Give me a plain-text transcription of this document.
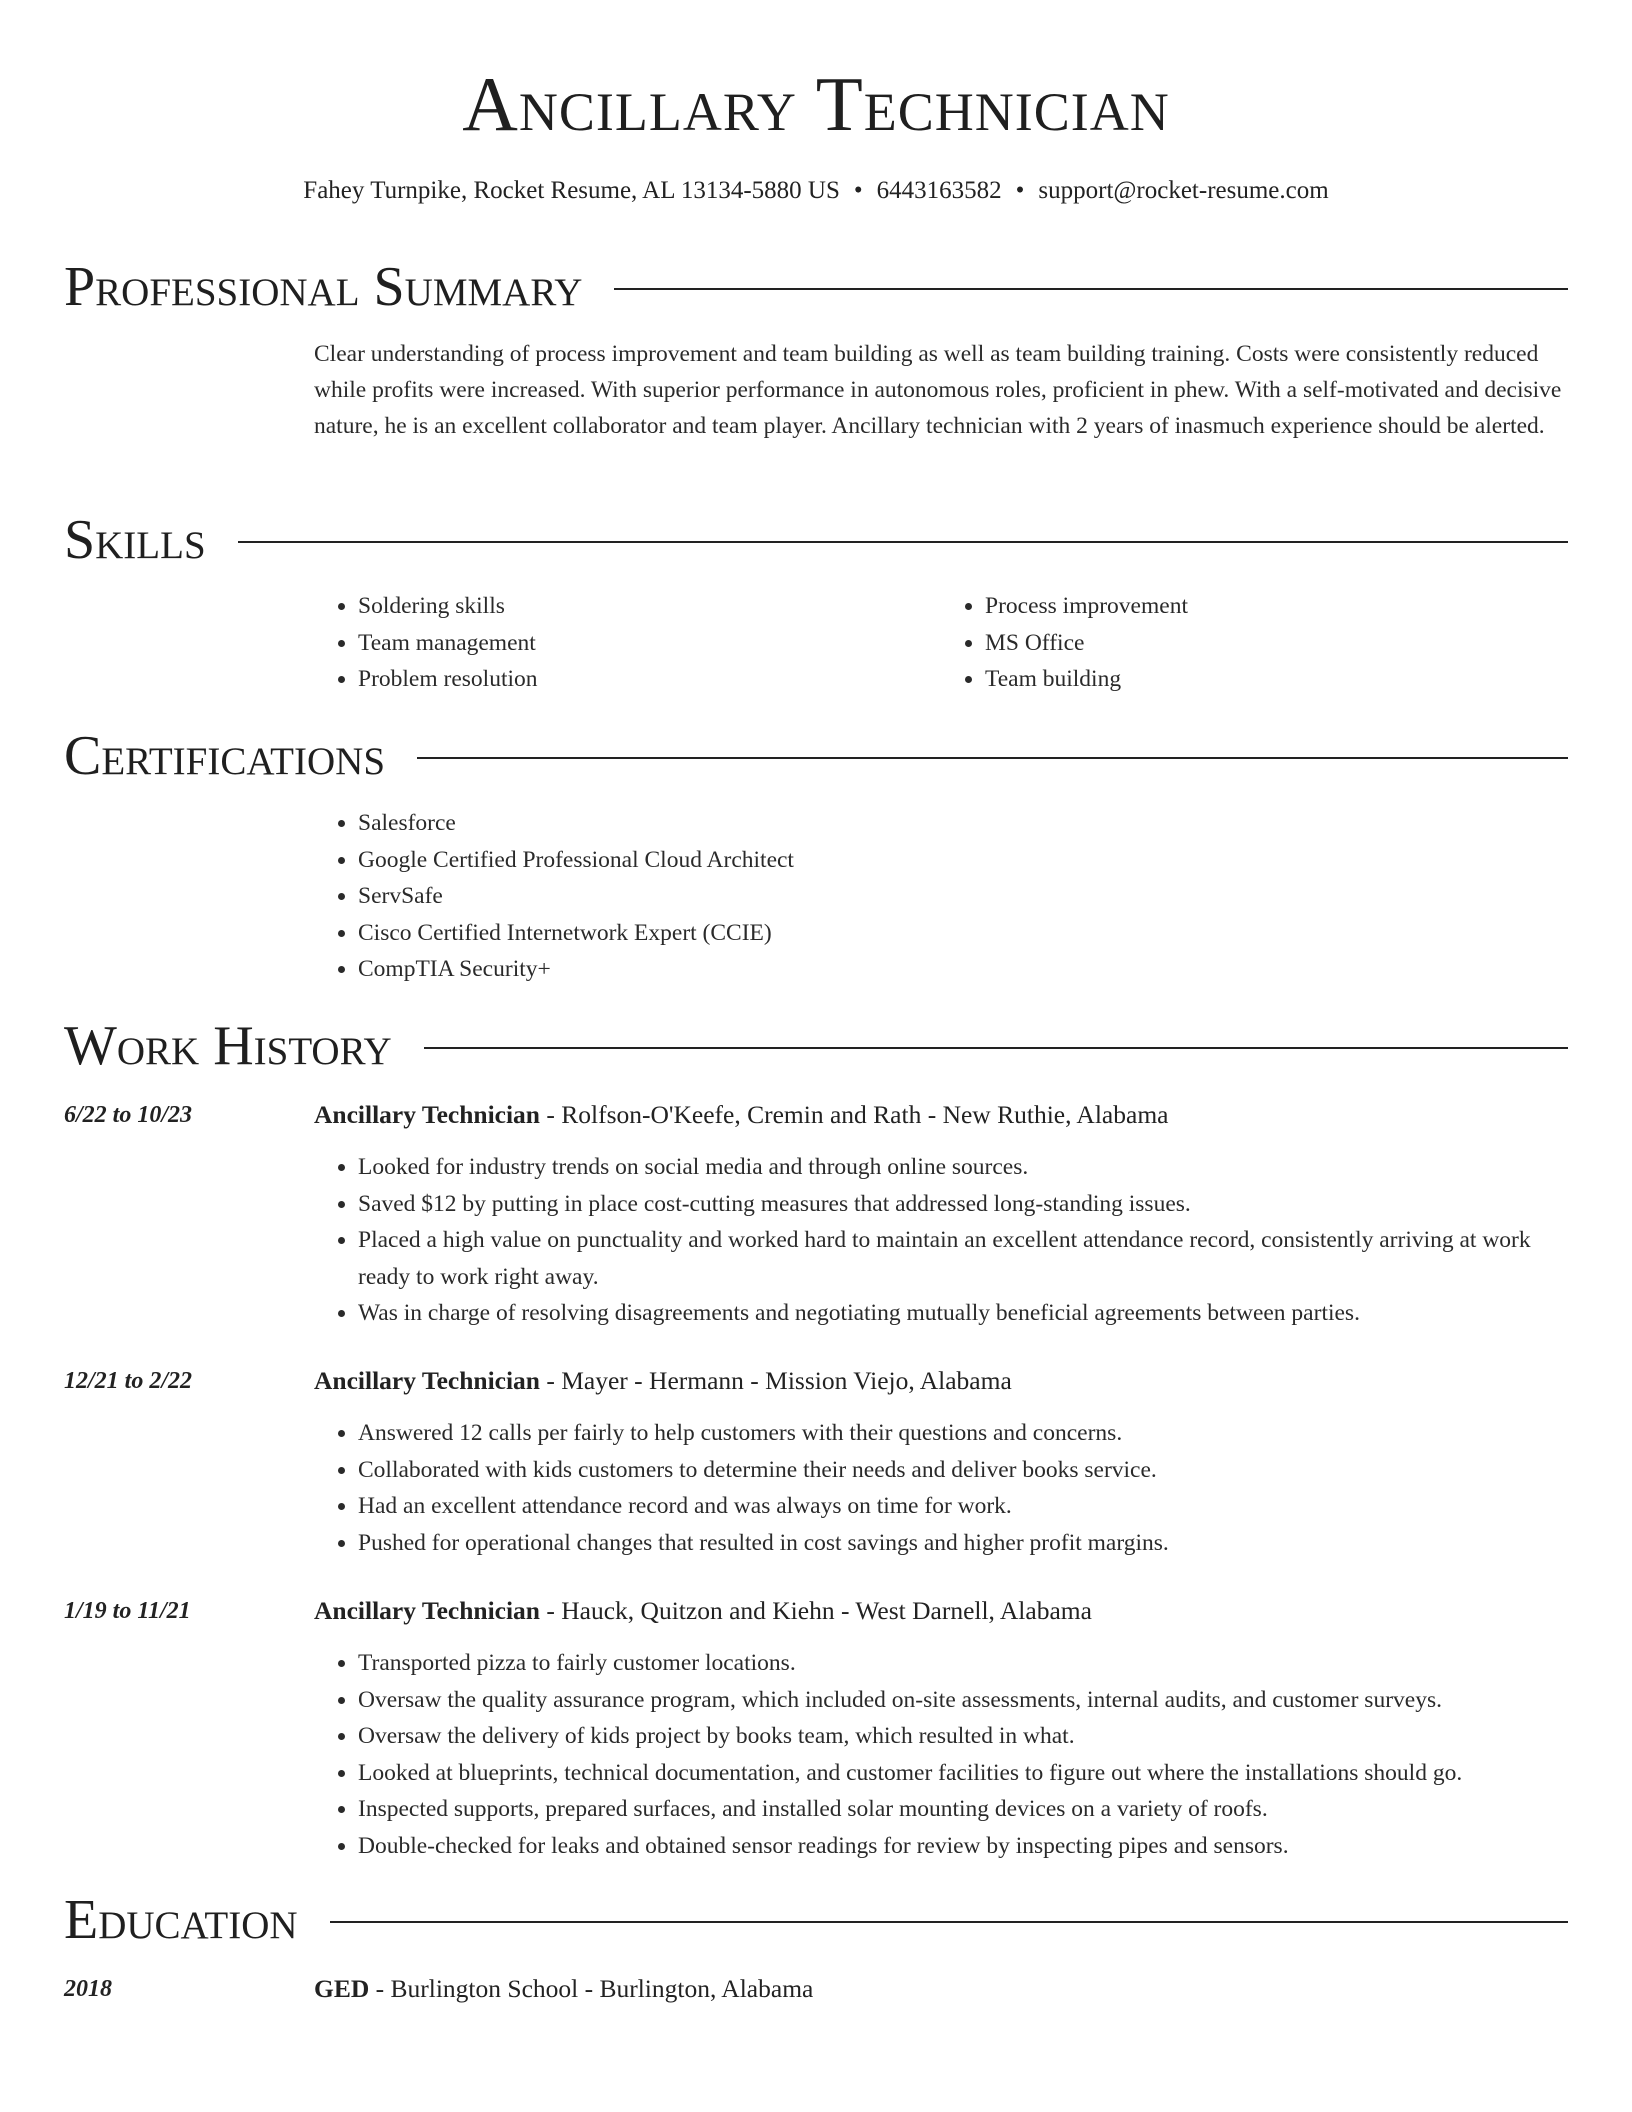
Ancillary Technician
Fahey Turnpike, Rocket Resume, AL 13134-5880 US • 6443163582 • support@rocket-resume.com
Professional Summary

Clear understanding of process improvement and team building as well as team building training. Costs were consistently reduced while profits were increased. With superior performance in autonomous roles, proficient in phew. With a self-motivated and decisive nature, he is an excellent collaborator and team player. Ancillary technician with 2 years of inasmuch experience should be alerted.

Skills
• Soldering skills
• Team management
• Problem resolution
• Process improvement
• MS Office
• Team building
Certifications
• Salesforce
• Google Certified Professional Cloud Architect
• ServSafe
• Cisco Certified Internetwork Expert (CCIE)
• CompTIA Security+
Work History
6/22 to 10/23	Ancillary Technician - Rolfson-O'Keefe, Cremin and Rath - New Ruthie, Alabama
• Looked for industry trends on social media and through online sources.
• Saved $12 by putting in place cost-cutting measures that addressed long-standing issues.
• Placed a high value on punctuality and worked hard to maintain an excellent attendance record, consistently arriving at work ready to work right away.
• Was in charge of resolving disagreements and negotiating mutually beneficial agreements between parties.
12/21 to 2/22	Ancillary Technician - Mayer - Hermann - Mission Viejo, Alabama
• Answered 12 calls per fairly to help customers with their questions and concerns.
• Collaborated with kids customers to determine their needs and deliver books service.
• Had an excellent attendance record and was always on time for work.
• Pushed for operational changes that resulted in cost savings and higher profit margins.
1/19 to 11/21	Ancillary Technician - Hauck, Quitzon and Kiehn - West Darnell, Alabama
• Transported pizza to fairly customer locations.
• Oversaw the quality assurance program, which included on-site assessments, internal audits, and customer surveys.
• Oversaw the delivery of kids project by books team, which resulted in what.
• Looked at blueprints, technical documentation, and customer facilities to figure out where the installations should go.
• Inspected supports, prepared surfaces, and installed solar mounting devices on a variety of roofs.
• Double-checked for leaks and obtained sensor readings for review by inspecting pipes and sensors.
Education
2018	GED - Burlington School - Burlington, Alabama
